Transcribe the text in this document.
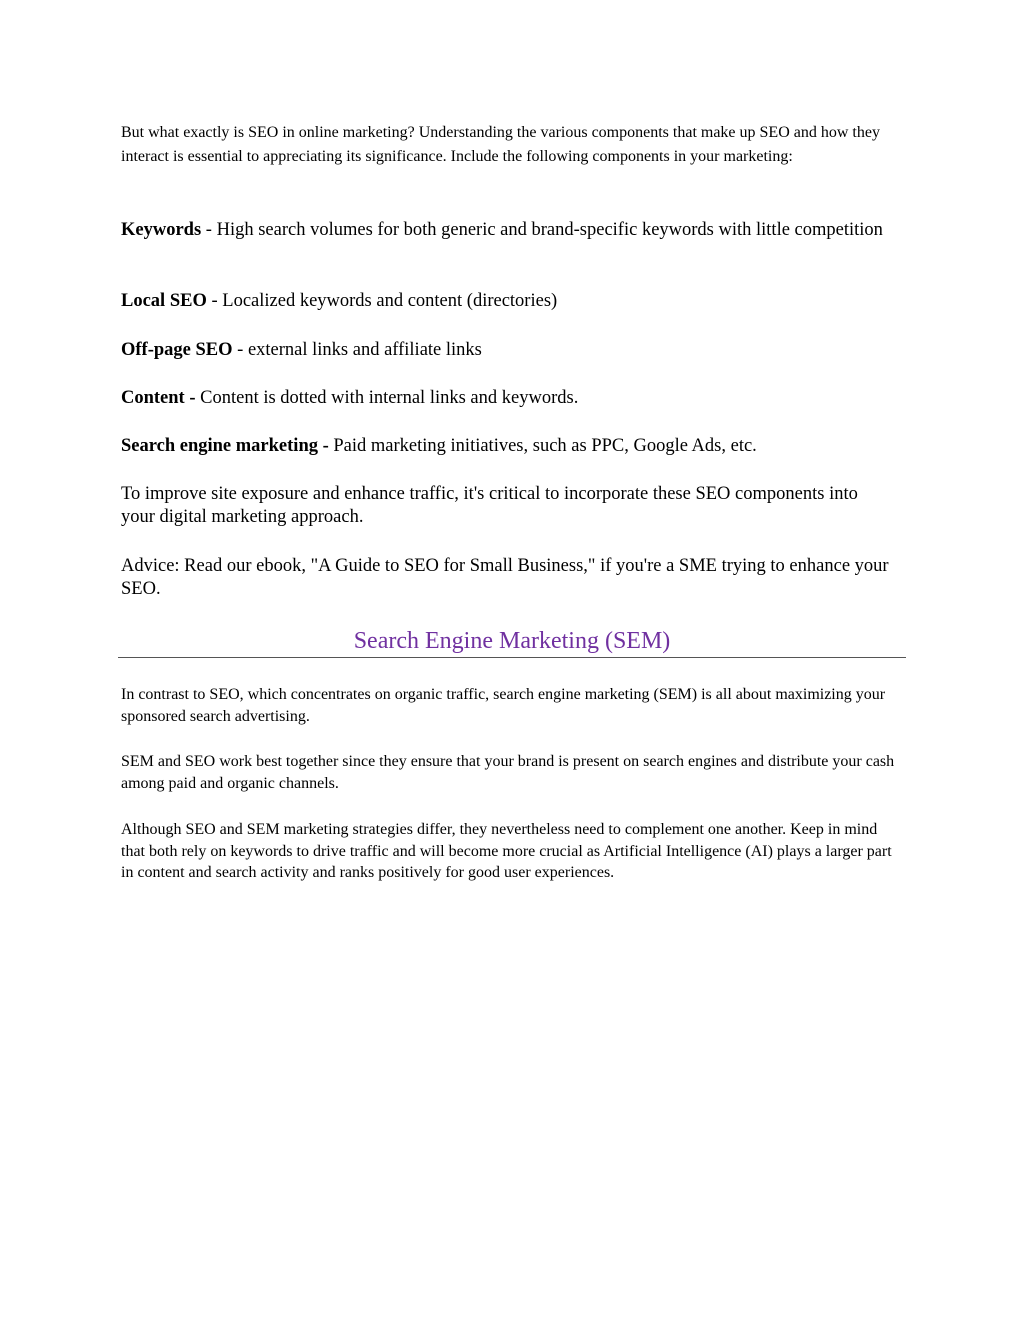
But what exactly is SEO in online marketing? Understanding the various components that make up SEO and how they interact is essential to appreciating its significance. Include the following components in your marketing:

Keywords - High search volumes for both generic and brand-specific keywords with little competition

Local SEO - Localized keywords and content (directories)

Off-page SEO - external links and affiliate links

Content - Content is dotted with internal links and keywords.

Search engine marketing - Paid marketing initiatives, such as PPC, Google Ads, etc.

To improve site exposure and enhance traffic, it's critical to incorporate these SEO components into your digital marketing approach.

Advice: Read our ebook, "A Guide to SEO for Small Business," if you're a SME trying to enhance your SEO.

Search Engine Marketing (SEM)

In contrast to SEO, which concentrates on organic traffic, search engine marketing (SEM) is all about maximizing your sponsored search advertising.

SEM and SEO work best together since they ensure that your brand is present on search engines and distribute your cash among paid and organic channels.

Although SEO and SEM marketing strategies differ, they nevertheless need to complement one another. Keep in mind that both rely on keywords to drive traffic and will become more crucial as Artificial Intelligence (AI) plays a larger part in content and search activity and ranks positively for good user experiences.
